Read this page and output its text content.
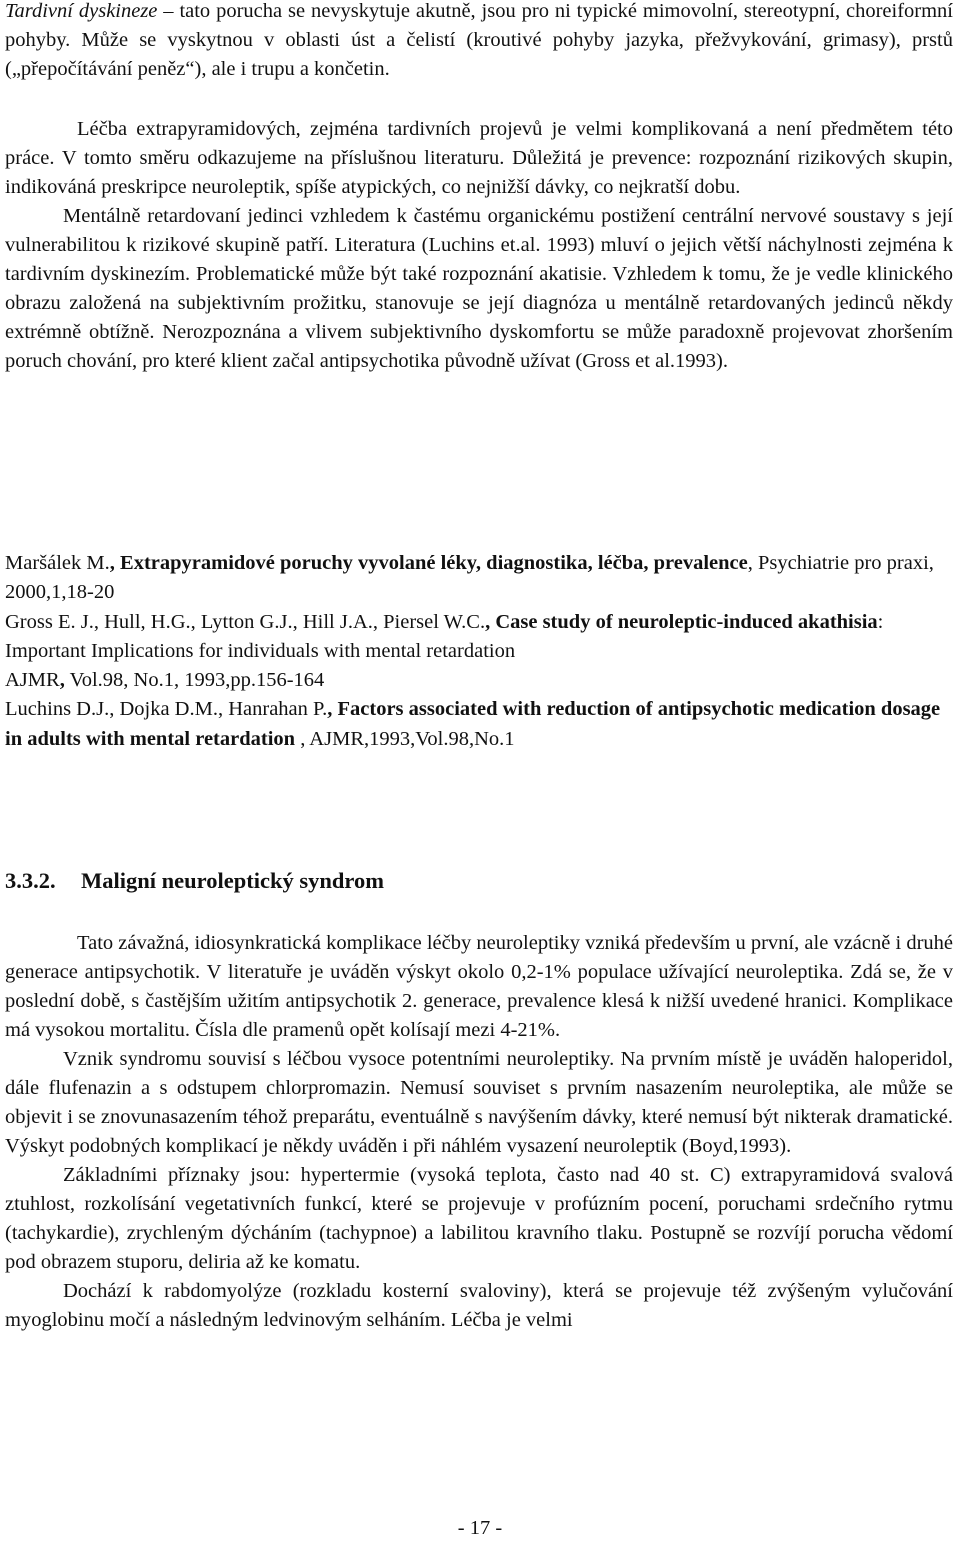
Tardivní dyskineze – tato porucha se nevyskytuje akutně, jsou pro ni typické mimovolní, stereotypní, choreiformní pohyby. Může se vyskytnou v oblasti úst a čelistí (kroutivé pohyby jazyka, přežvykování, grimasy), prstů („přepočítávání peněz“), ale i trupu a končetin.

Léčba extrapyramidových, zejména tardivních projevů je velmi komplikovaná a není předmětem této práce. V tomto směru odkazujeme na příslušnou literaturu. Důležitá je prevence: rozpoznání rizikových skupin, indikováná preskripce neuroleptik, spíše atypických, co nejnižší dávky, co nejkratší dobu.

Mentálně retardovaní jedinci vzhledem k častému organickému postižení centrální nervové soustavy s její vulnerabilitou k rizikové skupině patří. Literatura (Luchins et.al. 1993) mluví o jejich větší náchylnosti zejména k tardivním dyskinezím. Problematické může být také rozpoznání akatisie. Vzhledem k tomu, že je vedle klinického obrazu založená na subjektivním prožitku, stanovuje se její diagnóza u mentálně retardovaných jedinců někdy extrémně obtížně. Nerozpoznána a vlivem subjektivního dyskomfortu se může paradoxně projevovat zhoršením poruch chování, pro které klient začal antipsychotika původně užívat (Gross et al.1993).

Maršálek M., Extrapyramidové poruchy vyvolané léky, diagnostika, léčba, prevalence, Psychiatrie pro praxi, 2000,1,18-20

Gross E. J., Hull, H.G., Lytton G.J., Hill J.A., Piersel W.C., Case study of neuroleptic-induced akathisia: Important Implications for individuals with mental retardation
AJMR, Vol.98, No.1, 1993,pp.156-164

Luchins D.J., Dojka D.M., Hanrahan P., Factors associated with reduction of antipsychotic medication dosage in adults with mental retardation , AJMR,1993,Vol.98,No.1

3.3.2. Maligní neuroleptický syndrom

Tato závažná, idiosynkratická komplikace léčby neuroleptiky vzniká především u první, ale vzácně i druhé generace antipsychotik. V literatuře je uváděn výskyt okolo 0,2-1% populace užívající neuroleptika. Zdá se, že v poslední době, s častějším užitím antipsychotik 2. generace, prevalence klesá k nižší uvedené hranici. Komplikace má vysokou mortalitu. Čísla dle pramenů opět kolísají mezi 4-21%.

Vznik syndromu souvisí s léčbou vysoce potentními neuroleptiky. Na prvním místě je uváděn haloperidol, dále flufenazin a s odstupem chlorpromazin. Nemusí souviset s prvním nasazením neuroleptika, ale může se objevit i se znovunasazením téhož preparátu, eventuálně s navýšením dávky, které nemusí být nikterak dramatické. Výskyt podobných komplikací je někdy uváděn i při náhlém vysazení neuroleptik (Boyd,1993).

Základními příznaky jsou: hypertermie (vysoká teplota, často nad 40 st. C) extrapyramidová svalová ztuhlost, rozkolísání vegetativních funkcí, které se projevuje v profúzním pocení, poruchami srdečního rytmu (tachykardie), zrychleným dýcháním (tachypnoe) a labilitou kravního tlaku. Postupně se rozvíjí porucha vědomí pod obrazem stuporu, deliria až ke komatu.

Dochází k rabdomyolýze (rozkladu kosterní svaloviny), která se projevuje též zvýšeným vylučování myoglobinu močí a následným ledvinovým selháním. Léčba je velmi

- 17 -
